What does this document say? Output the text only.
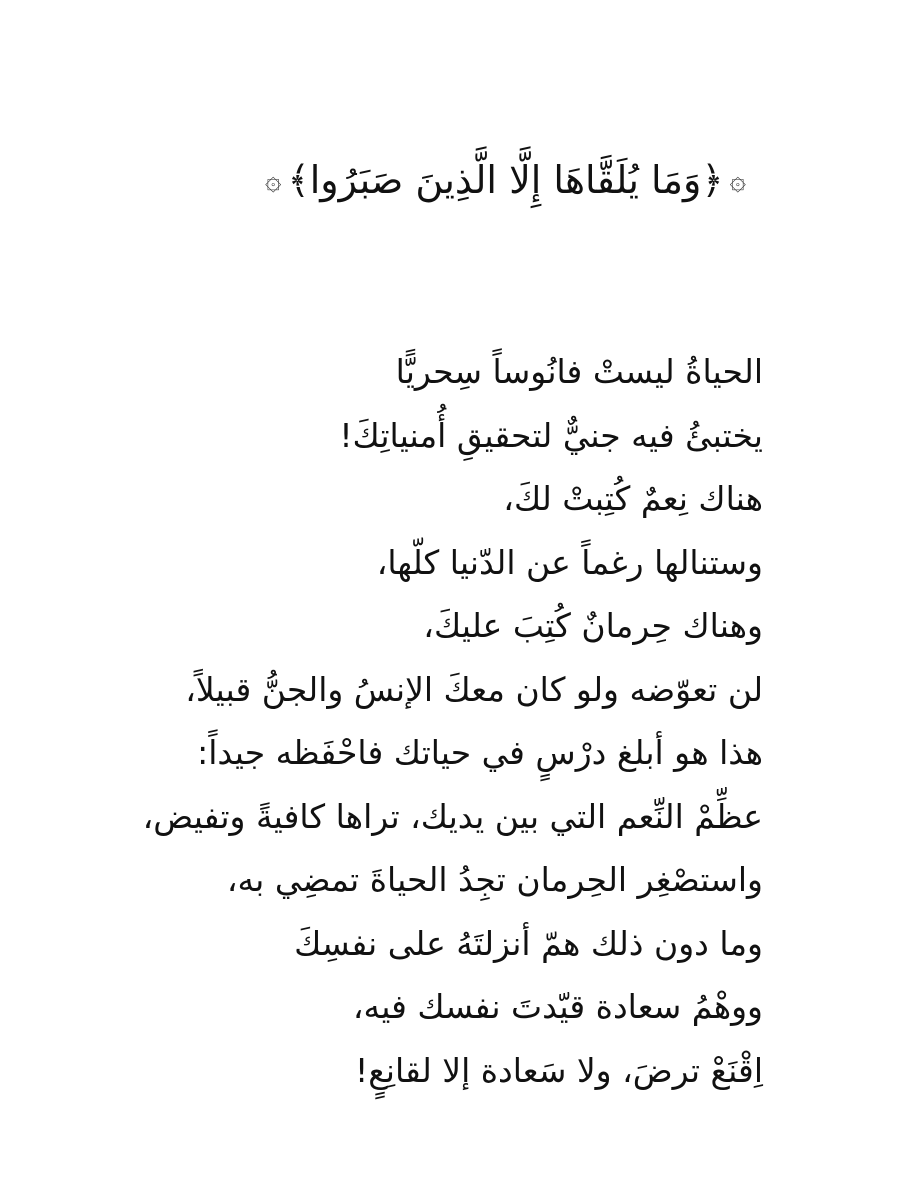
۞
﴿وَمَا يُلَقَّاهَا إِلَّا الَّذِينَ صَبَرُوا﴾
۞
الحياةُ ليستْ فانُوساً سِحريًّا
يختبئُ فيه جنيٌّ لتحقيقِ أُمنياتِكَ!
هناك نِعمٌ كُتِبتْ لكَ،
وستنالها رغماً عن الدّنيا كلّها،
وهناك حِرمانٌ كُتِبَ عليكَ،
لن تعوّضه ولو كان معكَ الإنسُ والجنُّ قبيلاً،
هذا هو أبلغ درْسٍ في حياتك فاحْفَظه جيداً:
عظِّمْ النِّعم التي بين يديك، تراها كافيةً وتفيض،
واستصْغِر الحِرمان تجِدُ الحياةَ تمضِي به،
وما دون ذلك همّ أنزلتَهُ على نفسِكَ
ووهْمُ سعادة قيّدتَ نفسك فيه،
اِقْنَعْ ترضَ، ولا سَعادة إلا لقانِعٍ!
